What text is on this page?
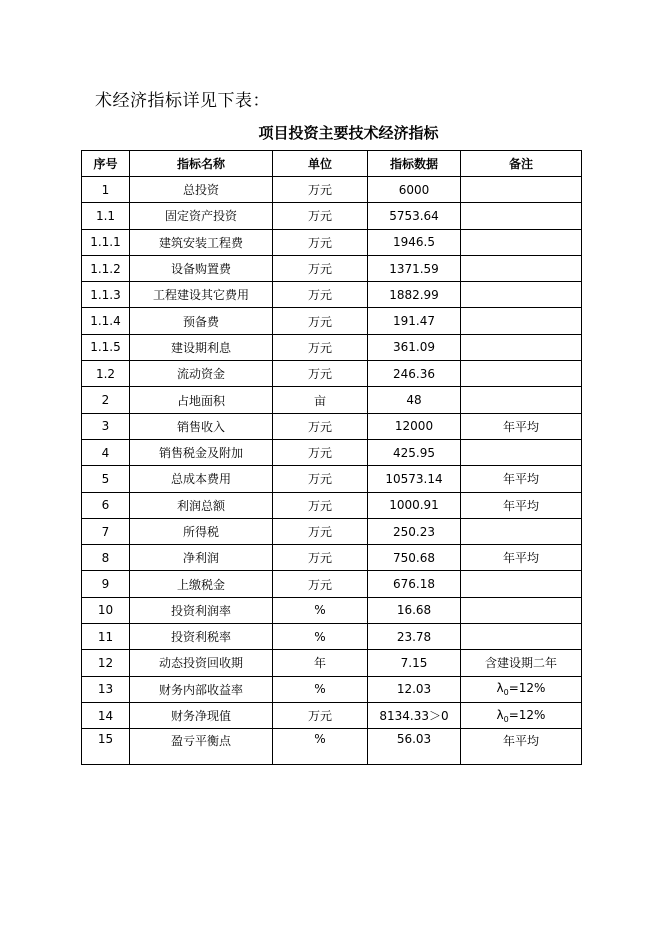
术经济指标详见下表：
项目投资主要技术经济指标
序号	指标名称	单位	指标数据	备注
1	总投资	万元	6000	
1.1	固定资产投资	万元	5753.64	
1.1.1	建筑安装工程费	万元	1946.5	
1.1.2	设备购置费	万元	1371.59	
1.1.3	工程建设其它费用	万元	1882.99	
1.1.4	预备费	万元	191.47	
1.1.5	建设期利息	万元	361.09	
1.2	流动资金	万元	246.36	
2	占地面积	亩	48	
3	销售收入	万元	12000	年平均
4	销售税金及附加	万元	425.95	
5	总成本费用	万元	10573.14	年平均
6	利润总额	万元	1000.91	年平均
7	所得税	万元	250.23	
8	净利润	万元	750.68	年平均
9	上缴税金	万元	676.18	
10	投资利润率	%	16.68	
11	投资利税率	%	23.78	
12	动态投资回收期	年	7.15	含建设期二年
13	财务内部收益率	%	12.03	$\lambda_0=12\%$
14	财务净现值	万元	8134.33＞0	$\lambda_0=12\%$
15	盈亏平衡点	%	56.03	年平均
